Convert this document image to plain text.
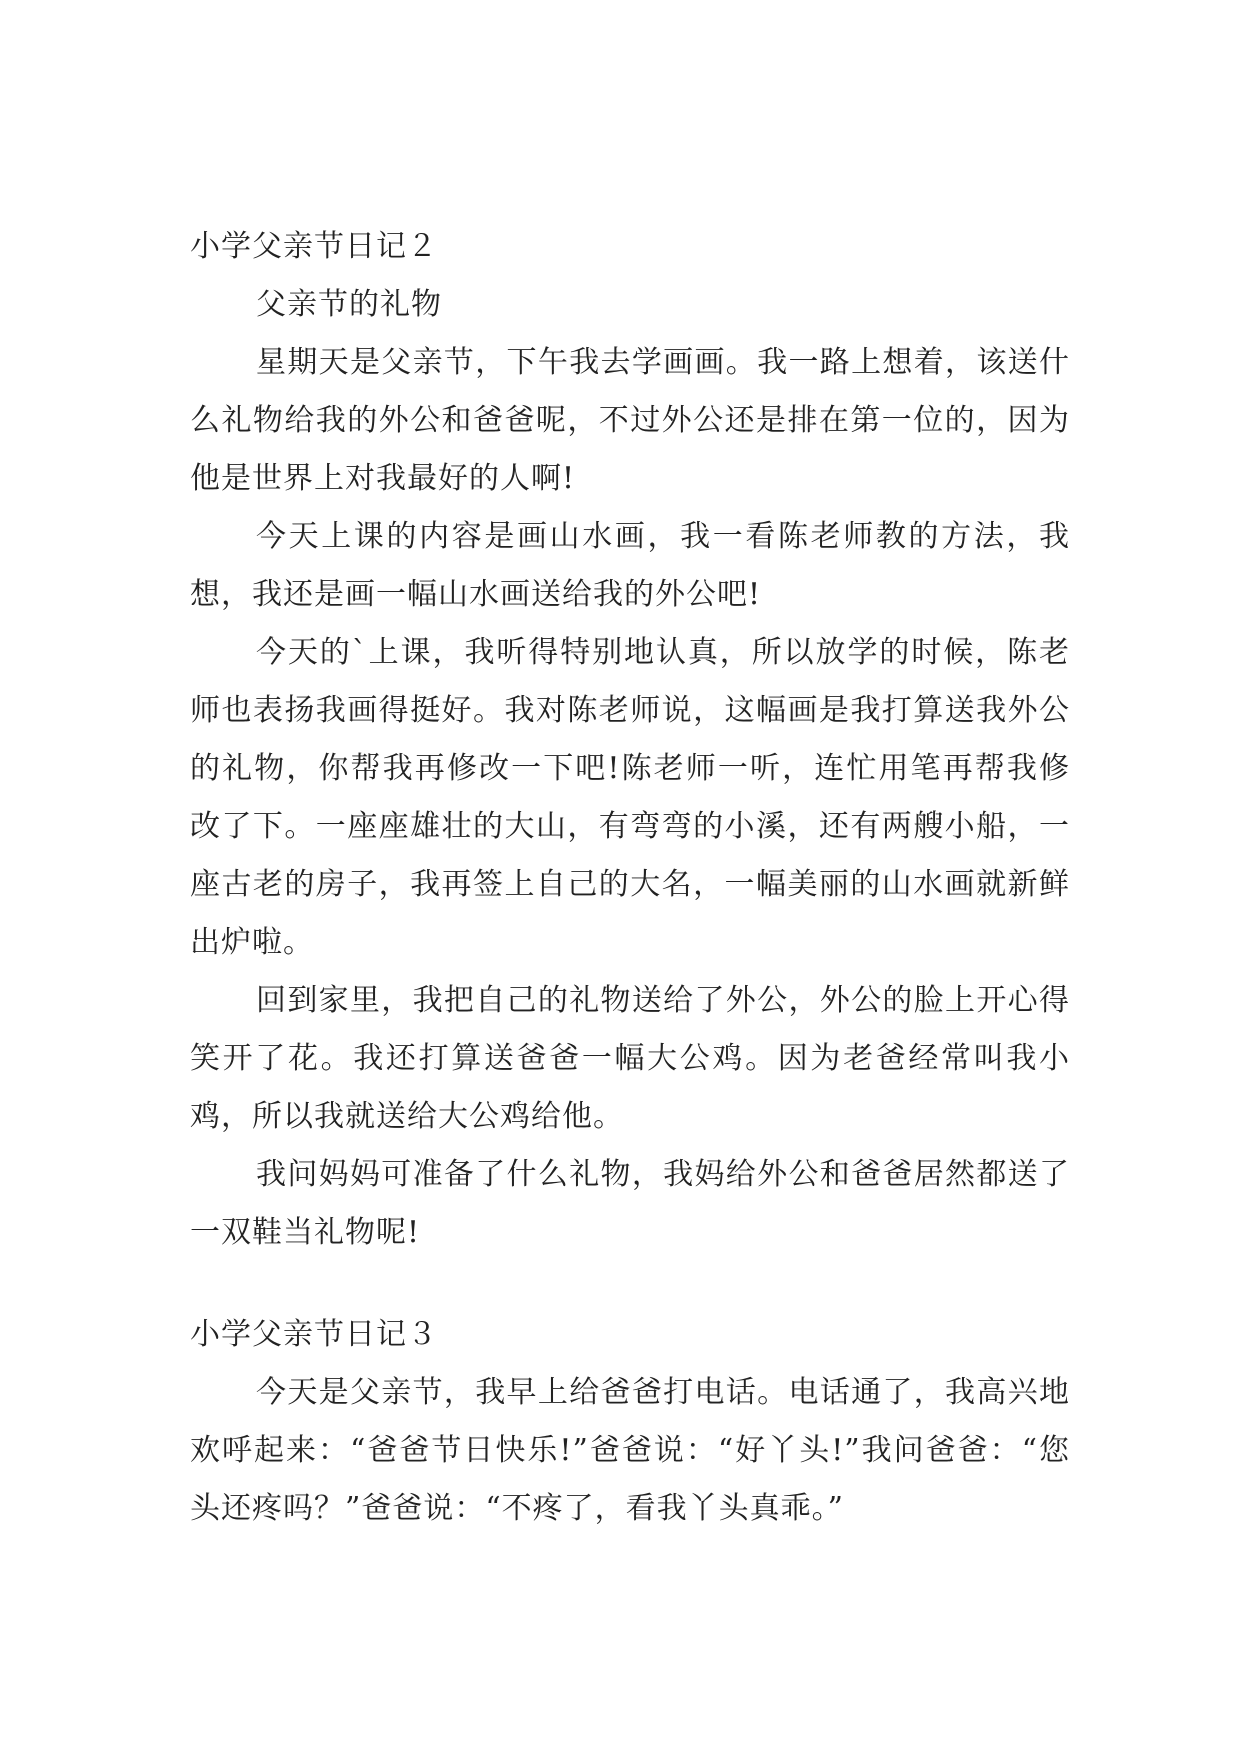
小学父亲节日记２

父亲节的礼物

星期天是父亲节，下午我去学画画。我一路上想着，该送什么礼物给我的外公和爸爸呢，不过外公还是排在第一位的，因为他是世界上对我最好的人啊!

今天上课的内容是画山水画，我一看陈老师教的方法，我想，我还是画一幅山水画送给我的外公吧!

今天的`上课，我听得特别地认真，所以放学的时候，陈老师也表扬我画得挺好。我对陈老师说，这幅画是我打算送我外公的礼物，你帮我再修改一下吧!陈老师一听，连忙用笔再帮我修改了下。一座座雄壮的大山，有弯弯的小溪，还有两艘小船，一座古老的房子，我再签上自己的大名，一幅美丽的山水画就新鲜出炉啦。

回到家里，我把自己的礼物送给了外公，外公的脸上开心得笑开了花。我还打算送爸爸一幅大公鸡。因为老爸经常叫我小鸡，所以我就送给大公鸡给他。

我问妈妈可准备了什么礼物，我妈给外公和爸爸居然都送了一双鞋当礼物呢!

小学父亲节日记３

今天是父亲节，我早上给爸爸打电话。电话通了，我高兴地欢呼起来：“爸爸节日快乐!”爸爸说：“好丫头!”我问爸爸：“您头还疼吗？”爸爸说：“不疼了，看我丫头真乖。”
